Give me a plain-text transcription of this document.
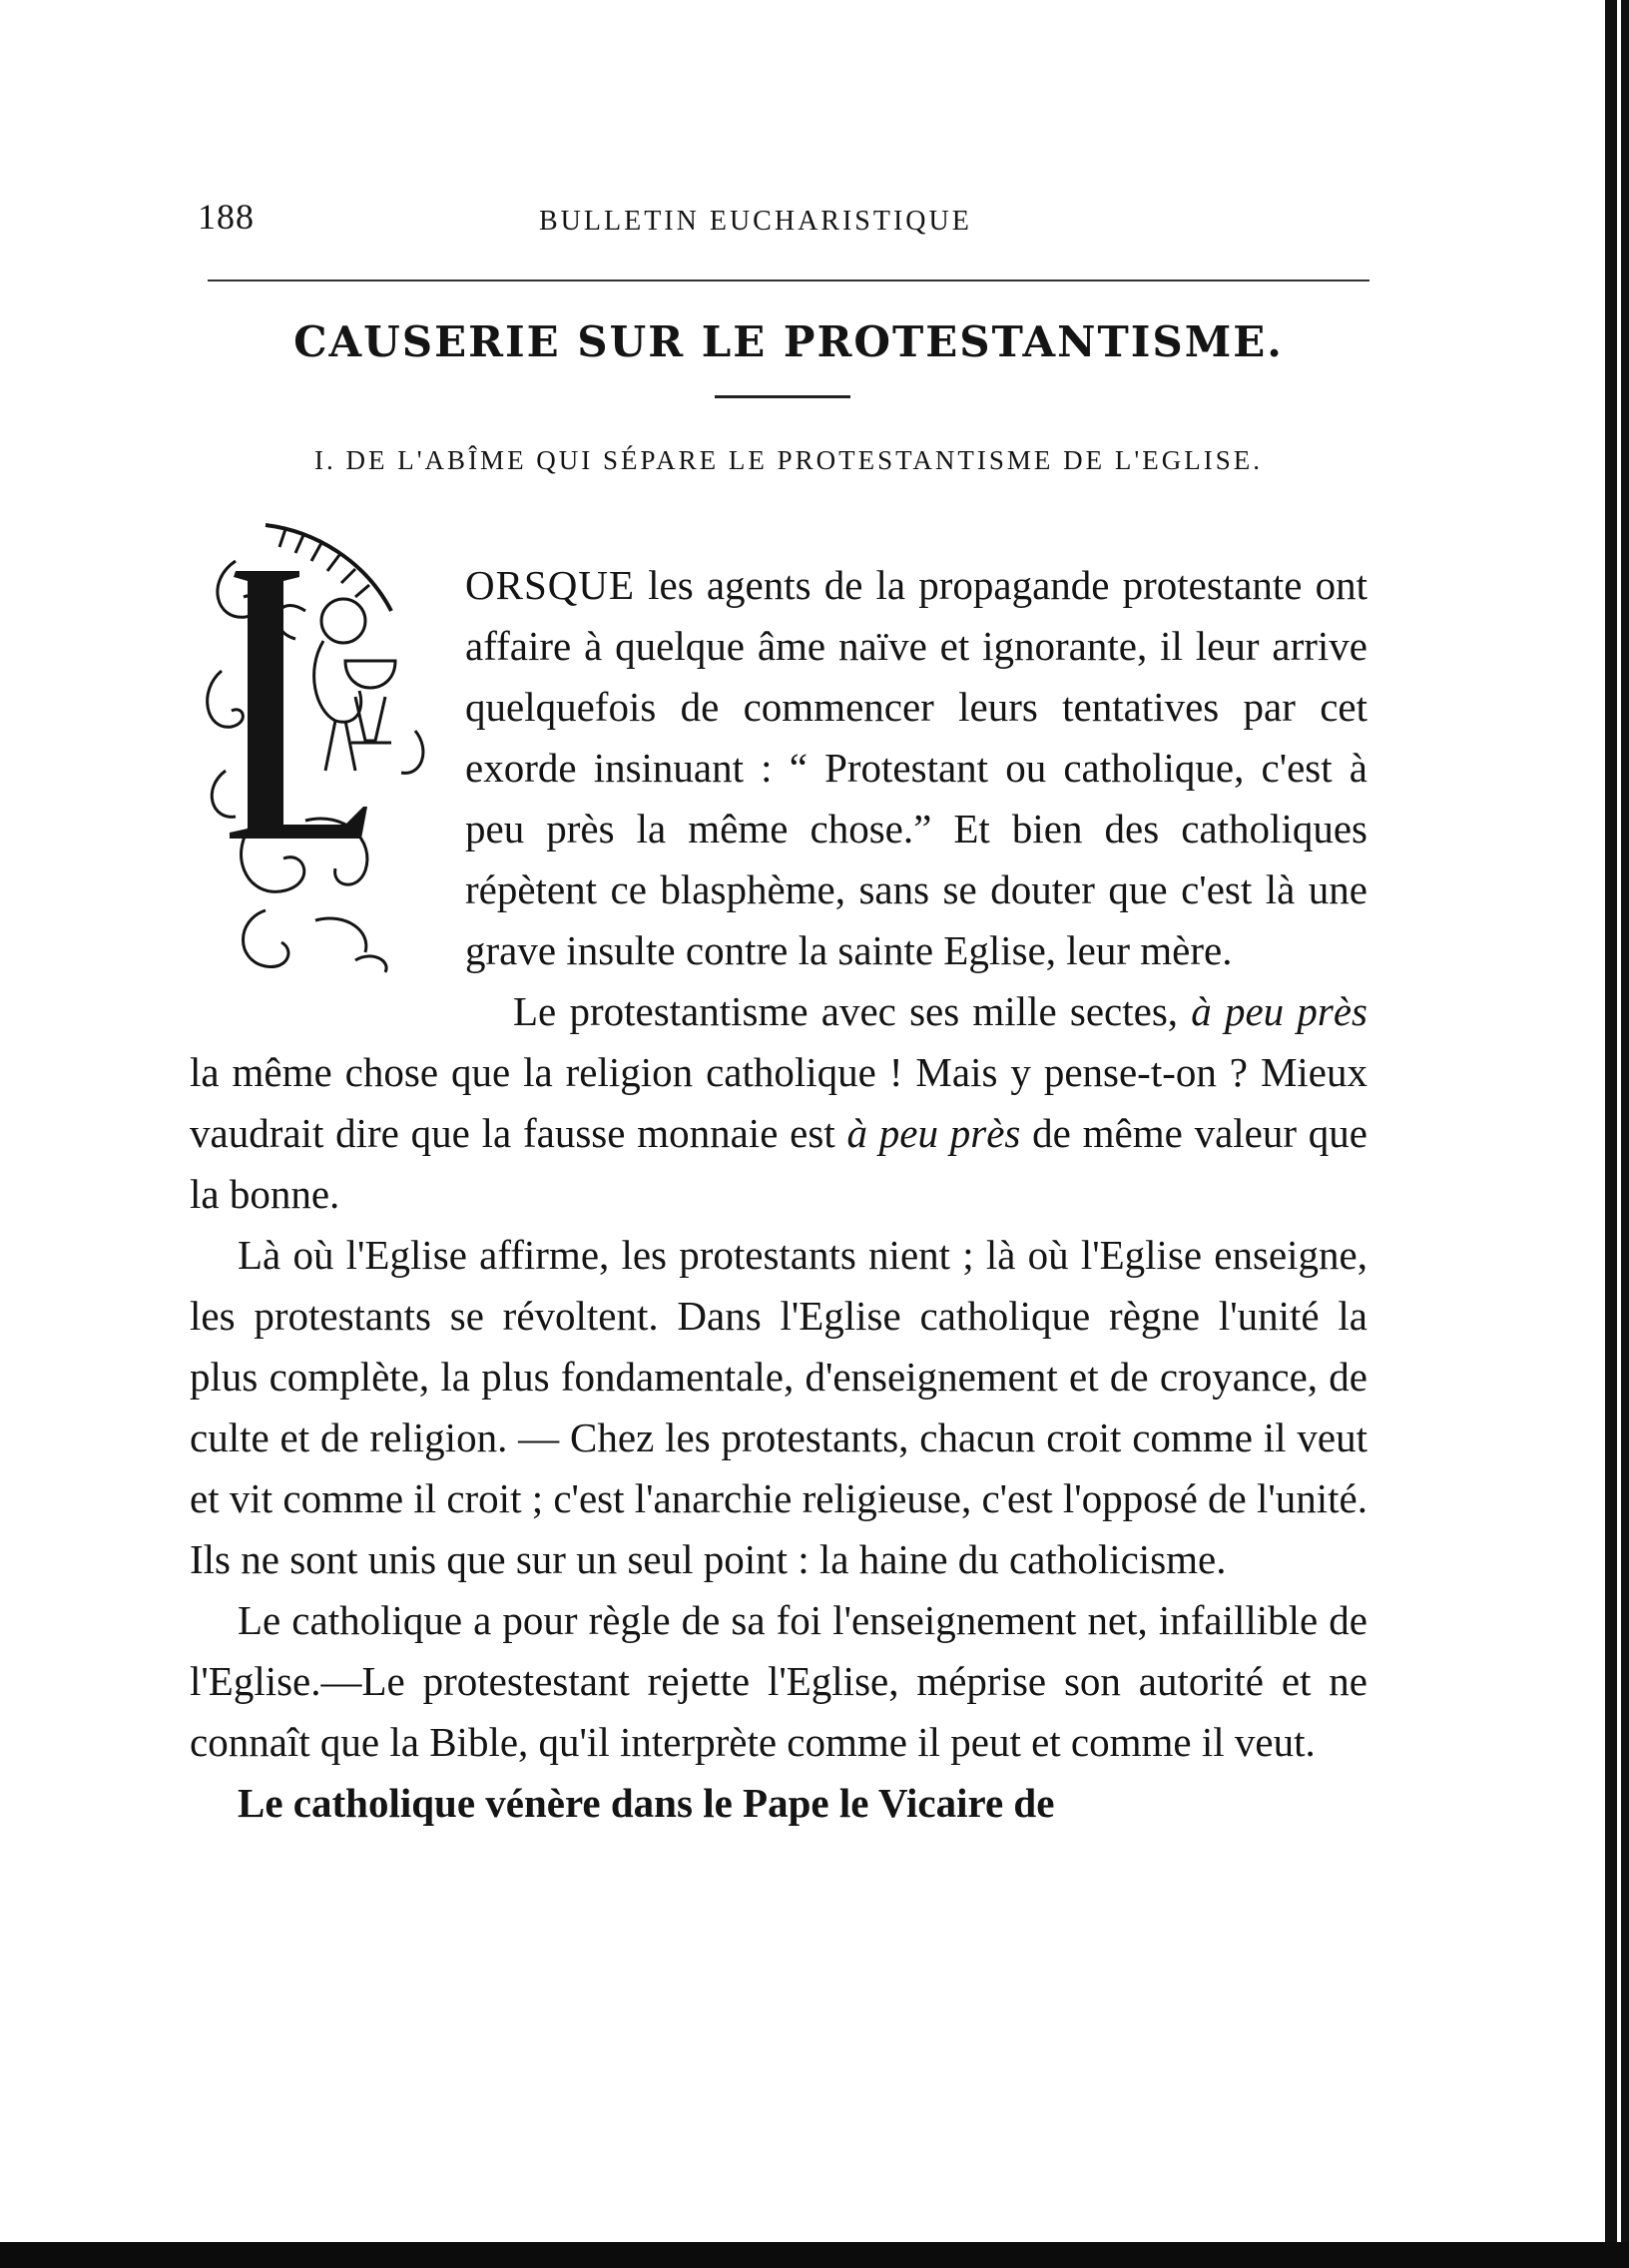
188	BULLETIN EUCHARISTIQUE
CAUSERIE SUR LE PROTESTANTISME.
I. DE L'ABÎME QUI SÉPARE LE PROTESTANTISME DE L'EGLISE.

ORSQUE les agents de la propagande protestante ont affaire à quelque âme naïve et ignorante, il leur arrive quelquefois de commencer leurs tentatives par cet exorde insinuant : “ Protestant ou catholique, c'est à peu près la même chose.” Et bien des catholiques répètent ce blasphème, sans se douter que c'est là une grave insulte contre la sainte Eglise, leur mère.

Le protestantisme avec ses mille sectes, à peu près la même chose que la religion catholique ! Mais y pense-t-on ? Mieux vaudrait dire que la fausse monnaie est à peu près de même valeur que la bonne.

Là où l'Eglise affirme, les protestants nient ; là où l'Eglise enseigne, les protestants se révoltent. Dans l'Eglise catholique règne l'unité la plus complète, la plus fondamentale, d'enseignement et de croyance, de culte et de religion. — Chez les protestants, chacun croit comme il veut et vit comme il croit ; c'est l'anarchie religieuse, c'est l'opposé de l'unité. Ils ne sont unis que sur un seul point : la haine du catholicisme.

Le catholique a pour règle de sa foi l'enseignement net, infaillible de l'Eglise.—Le protestestant rejette l'Eglise, méprise son autorité et ne connaît que la Bible, qu'il interprète comme il peut et comme il veut.

Le catholique vénère dans le Pape le Vicaire de
